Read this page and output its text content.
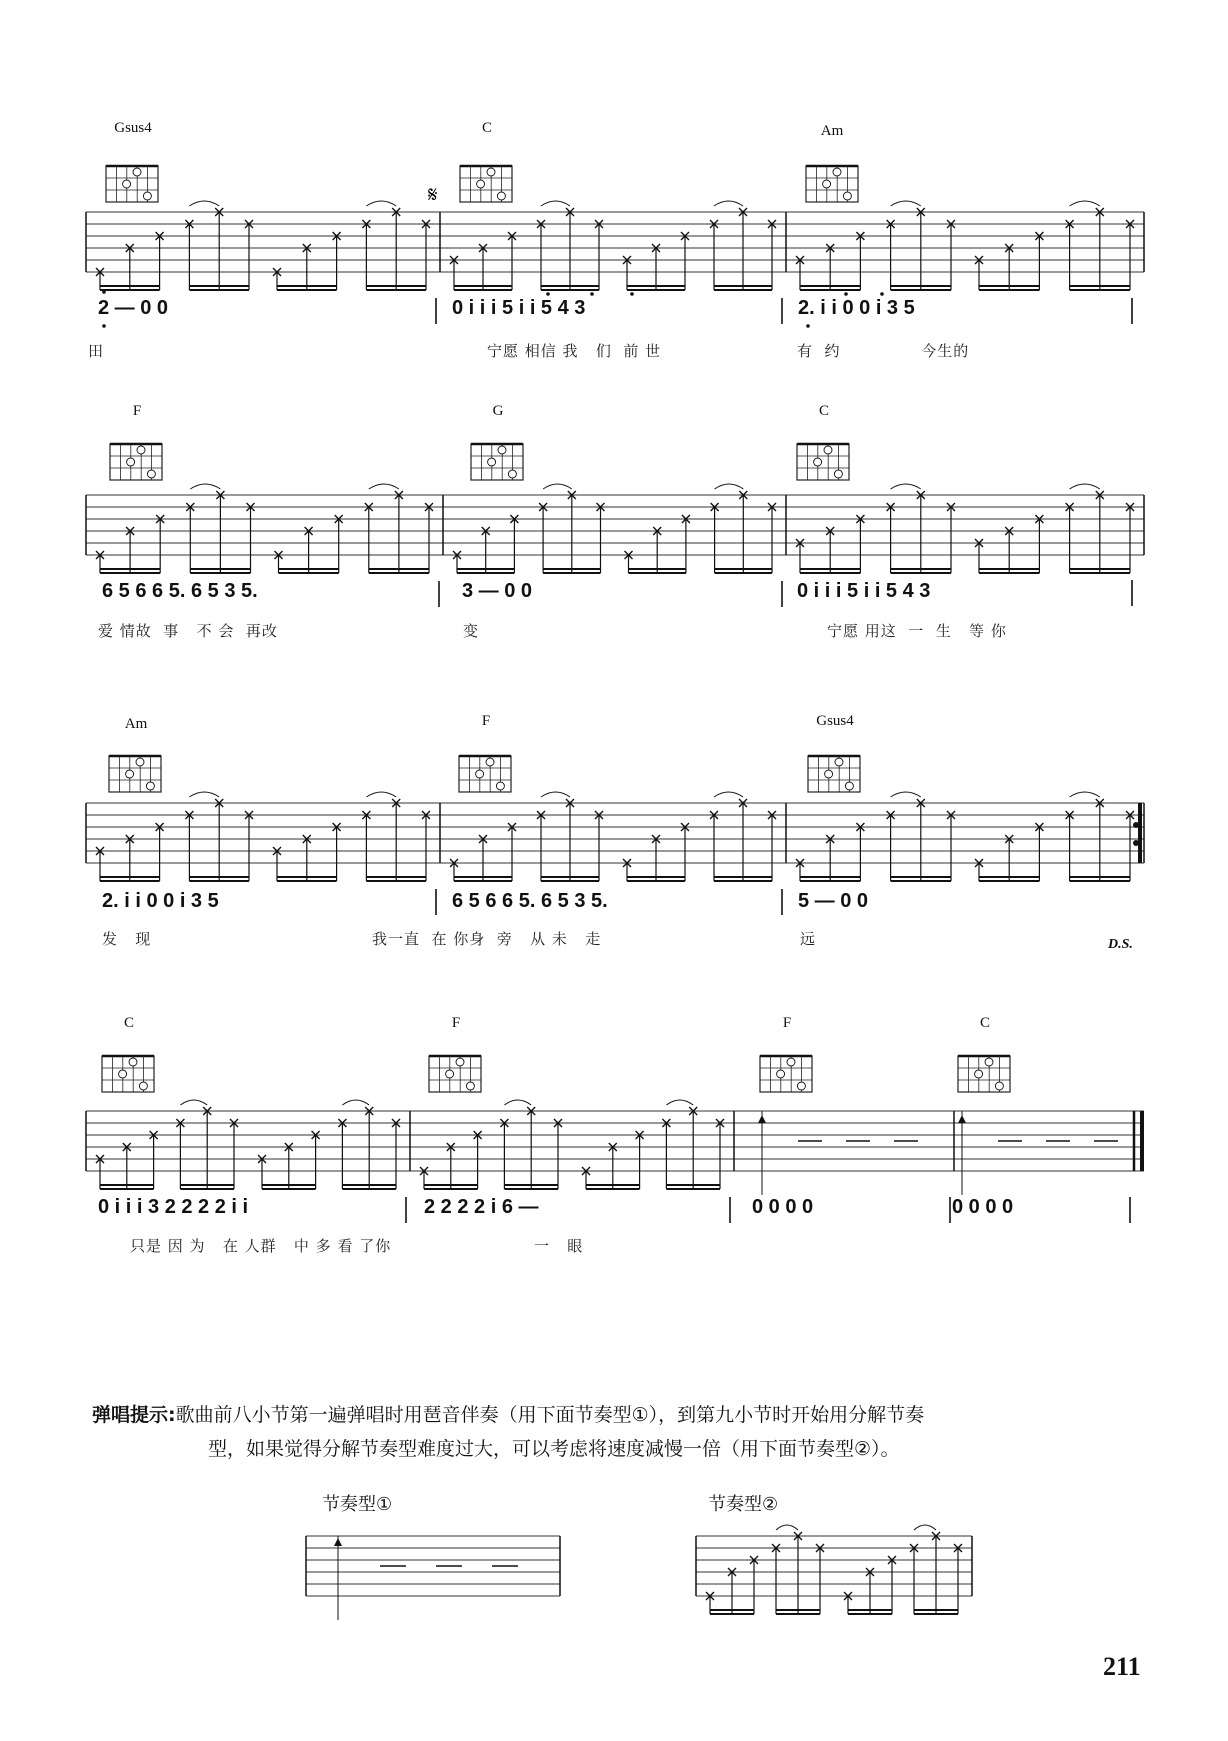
𝄋
Gsus4	C	Am
2 — 0 0	0 i i i 5 i i 5 4 3	2. i i 0 0 i 3 5
田	宁愿 相信 我   们  前 世	有  约              今生的
F	G	C
6 5 6 6 5. 6 5 3 5.	3 — 0 0	0 i i i 5 i i 5 4 3
爱 情故  事   不 会  再改	变	宁愿 用这  一  生   等 你
Am	F	Gsus4
2. i i 0 0 i 3 5	6 5 6 6 5. 6 5 3 5.	5 — 0 0
发   现	我一直  在 你身  旁   从 未   走	远	D.S.
C	F	F	C
0 i i i 3 2 2 2 2 i i	2 2 2 2 i 6 —	0 0 0 0	0 0 0 0
只是 因 为   在 人群   中 多 看 了你	一   眼
弹唱提示:歌曲前八小节第一遍弹唱时用琶音伴奏（用下面节奏型①），到第九小节时开始用分解节奏
型，如果觉得分解节奏型难度过大，可以考虑将速度减慢一倍（用下面节奏型②）。
节奏型①	节奏型②
211
